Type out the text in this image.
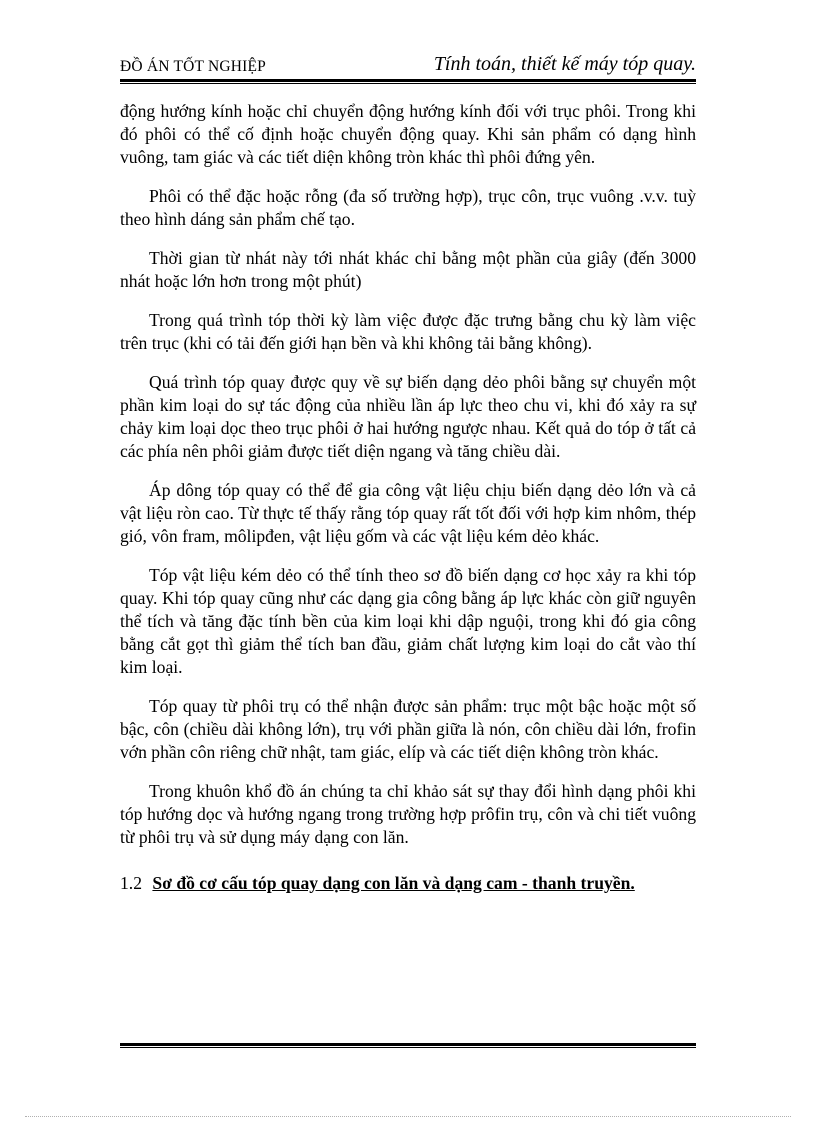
ĐỒ ÁN TỐT NGHIỆP	Tính toán, thiết kế máy tóp quay.

động hướng kính hoặc chỉ chuyển động hướng kính đối với trục phôi. Trong khi đó phôi có thể cố định hoặc chuyển động quay. Khi sản phẩm có dạng hình vuông, tam giác và các tiết diện không tròn khác thì phôi đứng yên.

Phôi có thể đặc hoặc rỗng (đa số trường hợp), trục côn, trục vuông .v.v. tuỳ theo hình dáng sản phẩm chế tạo.

Thời gian từ nhát này tới nhát khác chỉ bằng một phần của giây (đến 3000 nhát hoặc lớn hơn trong một phút)

Trong quá trình tóp thời kỳ làm việc được đặc trưng bằng chu kỳ làm việc trên trục (khi có tải đến giới hạn bền và khi không tải bằng không).

Quá trình tóp quay được quy về sự biến dạng dẻo phôi bằng sự chuyển một phần kim loại do sự tác động của nhiều lần áp lực theo chu vi, khi đó xảy ra sự chảy kim loại dọc theo trục phôi ở hai hướng ngược nhau. Kết quả do tóp ở tất cả các phía nên phôi giảm được tiết diện ngang và tăng chiều dài.

Áp dông tóp quay có thể để gia công vật liệu chịu biến dạng dẻo lớn và cả vật liệu ròn cao. Từ thực tế thấy rằng tóp quay rất tốt đối với hợp kim nhôm, thép gió, vôn fram, môlipđen, vật liệu gốm và các vật liệu kém dẻo khác.

Tóp vật liệu kém dẻo có thể tính theo sơ đồ biến dạng cơ học xảy ra khi tóp quay. Khi tóp quay cũng như các dạng gia công bằng áp lực khác còn giữ nguyên thể tích và tăng đặc tính bền của kim loại khi dập nguội, trong khi đó gia công bằng cắt gọt thì giảm thể tích ban đầu, giảm chất lượng kim loại do cắt vào thí kim loại.

Tóp quay từ phôi trụ có thể nhận được sản phẩm: trục một bậc hoặc một số bậc, côn (chiều dài không lớn), trụ với phần giữa là nón, côn chiều dài lớn, frofin vớn phần côn riêng chữ nhật, tam giác, elíp và các tiết diện không tròn khác.

Trong khuôn khổ đồ án chúng ta chỉ khảo sát sự thay đổi hình dạng phôi khi tóp hướng dọc và hướng ngang trong trường hợp prôfin trụ, côn và chi tiết vuông từ phôi trụ và sử dụng máy dạng con lăn.

1.2 Sơ đồ cơ cấu tóp quay dạng con lăn và dạng cam - thanh truyền.
